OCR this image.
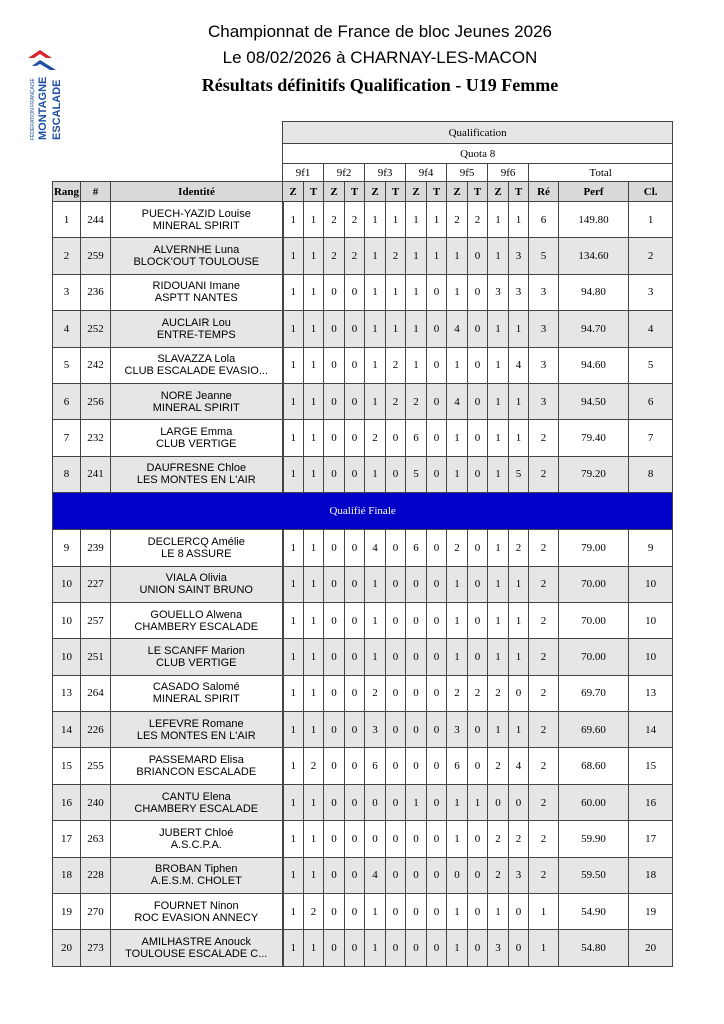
FÉDÉRATION FRANÇAISE MONTAGNE ESCALADE
Championnat de France de bloc Jeunes 2026
Le 08/02/2026 à CHARNAY-LES-MACON
Résultats définitifs Qualification - U19 Femme
			Qualification														
			Quota 8														
			9f1		9f2		9f3		9f4		9f5		9f6		Total		
Rang	#	Identité	Z	T	Z	T	Z	T	Z	T	Z	T	Z	T	Ré	Perf	Cl.
1	244	PUECH-YAZID Louise
MINERAL SPIRIT	1	1	2	2	1	1	1	1	2	2	1	1	6	149.80	1
2	259	ALVERNHE Luna
BLOCK'OUT TOULOUSE	1	1	2	2	1	2	1	1	1	0	1	3	5	134.60	2
3	236	RIDOUANI Imane
ASPTT NANTES	1	1	0	0	1	1	1	0	1	0	3	3	3	94.80	3
4	252	AUCLAIR Lou
ENTRE-TEMPS	1	1	0	0	1	1	1	0	4	0	1	1	3	94.70	4
5	242	SLAVAZZA Lola
CLUB ESCALADE EVASIO...	1	1	0	0	1	2	1	0	1	0	1	4	3	94.60	5
6	256	NORE Jeanne
MINERAL SPIRIT	1	1	0	0	1	2	2	0	4	0	1	1	3	94.50	6
7	232	LARGE Emma
CLUB VERTIGE	1	1	0	0	2	0	6	0	1	0	1	1	2	79.40	7
8	241	DAUFRESNE Chloe
LES MONTES EN L'AIR	1	1	0	0	1	0	5	0	1	0	1	5	2	79.20	8
Qualifié Finale																	
9	239	DECLERCQ Amélie
LE 8 ASSURE	1	1	0	0	4	0	6	0	2	0	1	2	2	79.00	9
10	227	VIALA Olivia
UNION SAINT BRUNO	1	1	0	0	1	0	0	0	1	0	1	1	2	70.00	10
10	257	GOUELLO Alwena
CHAMBERY ESCALADE	1	1	0	0	1	0	0	0	1	0	1	1	2	70.00	10
10	251	LE SCANFF Marion
CLUB VERTIGE	1	1	0	0	1	0	0	0	1	0	1	1	2	70.00	10
13	264	CASADO Salomé
MINERAL SPIRIT	1	1	0	0	2	0	0	0	2	2	2	0	2	69.70	13
14	226	LEFEVRE Romane
LES MONTES EN L'AIR	1	1	0	0	3	0	0	0	3	0	1	1	2	69.60	14
15	255	PASSEMARD Elisa
BRIANCON ESCALADE	1	2	0	0	6	0	0	0	6	0	2	4	2	68.60	15
16	240	CANTU Elena
CHAMBERY ESCALADE	1	1	0	0	0	0	1	0	1	1	0	0	2	60.00	16
17	263	JUBERT Chloé
A.S.C.P.A.	1	1	0	0	0	0	0	0	1	0	2	2	2	59.90	17
18	228	BROBAN Tiphen
A.E.S.M. CHOLET	1	1	0	0	4	0	0	0	0	0	2	3	2	59.50	18
19	270	FOURNET Ninon
ROC EVASION ANNECY	1	2	0	0	1	0	0	0	1	0	1	0	1	54.90	19
20	273	AMILHASTRE Anouck
TOULOUSE ESCALADE C...	1	1	0	0	1	0	0	0	1	0	3	0	1	54.80	20
